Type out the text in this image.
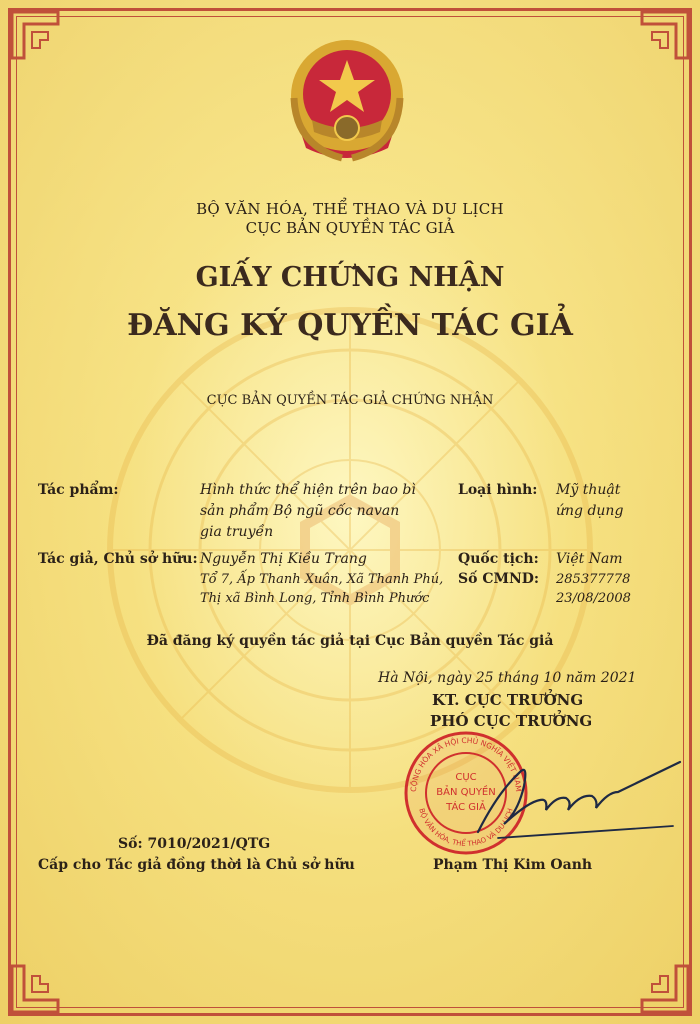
BỘ VĂN HÓA, THỂ THAO VÀ DU LỊCH
CỤC BẢN QUYỀN TÁC GIẢ
GIẤY CHỨNG NHẬN
ĐĂNG KÝ QUYỀN TÁC GIẢ
CỤC BẢN QUYỀN TÁC GIẢ CHỨNG NHẬN
Tác phẩm:	Hình thức thể hiện trên bao bì
sản phẩm Bộ ngũ cốc navan
gia truyền
Loại hình: Mỹ thuật
ứng dụng
Tác giả, Chủ sở hữu: Nguyễn Thị Kiều Trang
Tổ 7, Ấp Thanh Xuân, Xã Thanh Phú,
Thị xã Bình Long, Tỉnh Bình Phước
Quốc tịch: Việt Nam
Số CMND: 285377778
23/08/2008
Đã đăng ký quyền tác giả tại Cục Bản quyền Tác giả
Hà Nội, ngày 25 tháng 10 năm 2021
KT. CỤC TRƯỞNG
PHÓ CỤC TRƯỞNG
CỘNG HÒA XÃ HỘI CHỦ NGHĨA VIỆT NAM
BỘ VĂN HÓA, THỂ THAO VÀ DU LỊCH
CỤC
BẢN QUYỀN
TÁC GIẢ
Số: 7010/2021/QTG
Cấp cho Tác giả đồng thời là Chủ sở hữu	Phạm Thị Kim Oanh
